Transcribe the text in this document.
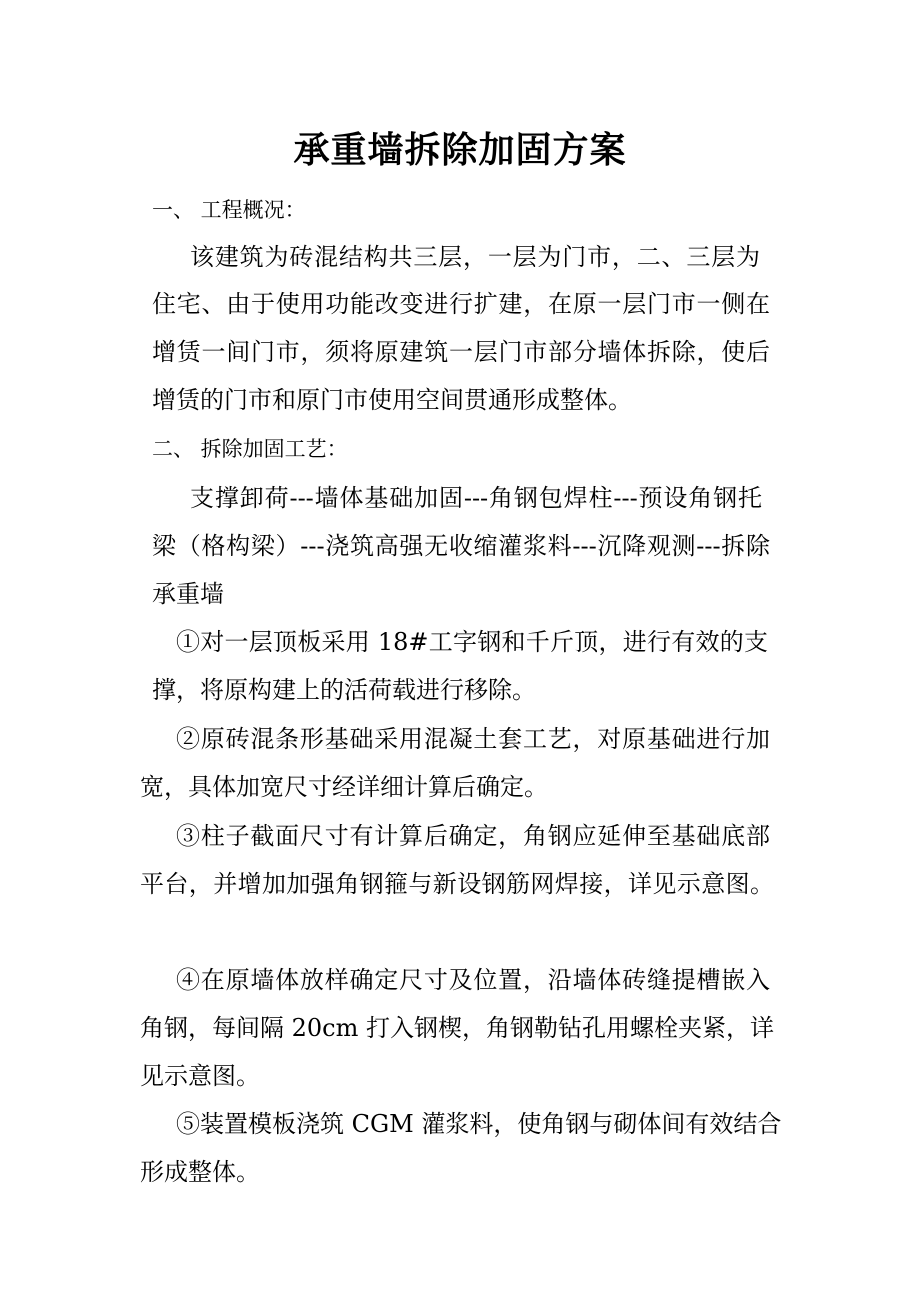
承重墙拆除加固方案
一、 工程概况：
该建筑为砖混结构共三层，一层为门市，二、三层为
住宅、由于使用功能改变进行扩建，在原一层门市一侧在
增赁一间门市，须将原建筑一层门市部分墙体拆除，使后
增赁的门市和原门市使用空间贯通形成整体。
二、 拆除加固工艺：
支撑卸荷---墙体基础加固---角钢包焊柱---预设角钢托
梁（格构梁）---浇筑高强无收缩灌浆料---沉降观测---拆除
承重墙
①对一层顶板采用 18#工字钢和千斤顶，进行有效的支
撑，将原构建上的活荷载进行移除。
②原砖混条形基础采用混凝土套工艺，对原基础进行加
宽，具体加宽尺寸经详细计算后确定。
③柱子截面尺寸有计算后确定，角钢应延伸至基础底部
平台，并增加加强角钢箍与新设钢筋网焊接，详见示意图。
④在原墙体放样确定尺寸及位置，沿墙体砖缝提槽嵌入
角钢，每间隔 20cm 打入钢楔，角钢勒钻孔用螺栓夹紧，详
见示意图。
⑤装置模板浇筑 CGM 灌浆料，使角钢与砌体间有效结合
形成整体。
